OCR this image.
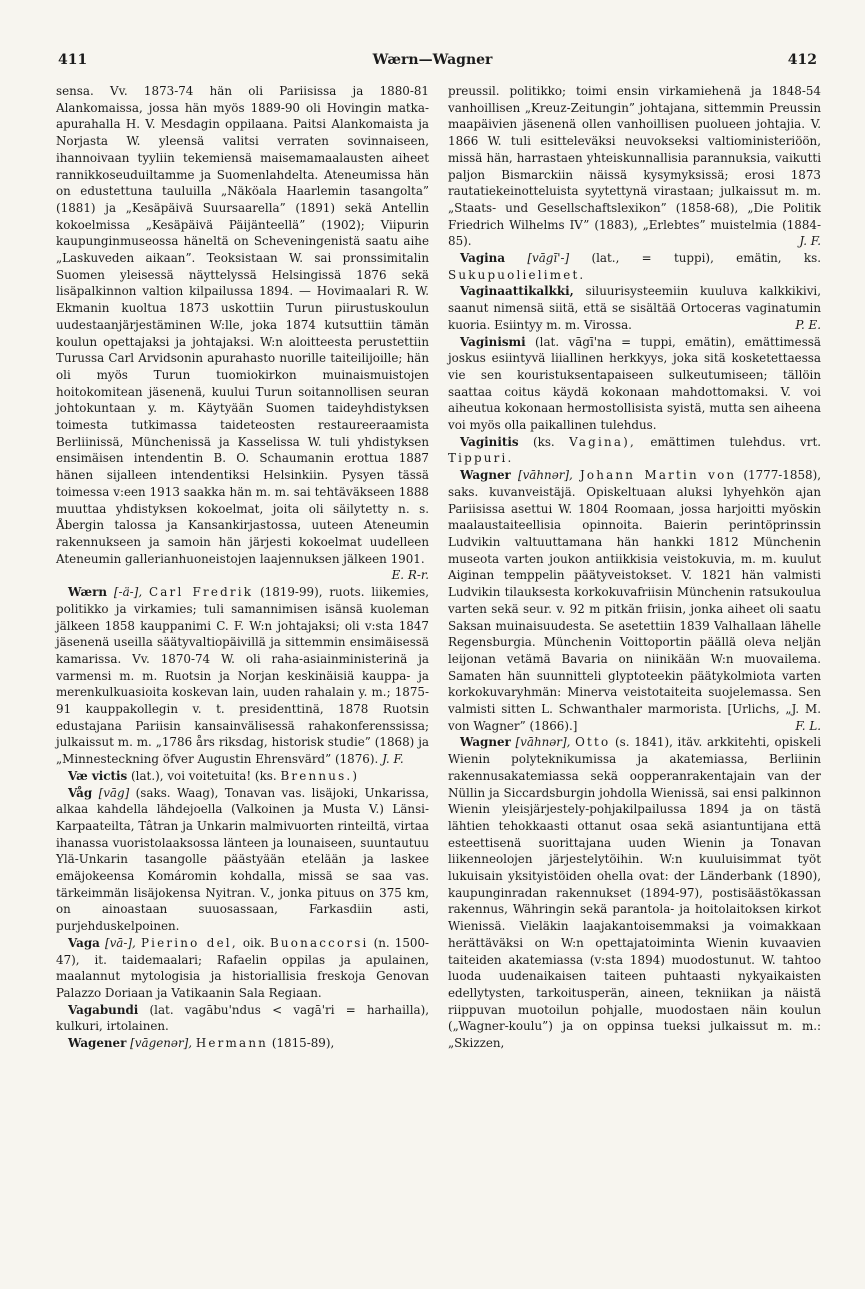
Wærn—Wagner
411	412

sensa. Vv. 1873-74 hän oli Pariisissa ja 1880-81 Alankomaissa, jossa hän myös 1889-90 oli Hovingin matka-apurahalla H. V. Mesdagin oppilaana. Paitsi Alankomaista ja Norjasta W. yleensä valitsi verraten sovinnaiseen, ihannoivaan tyyliin tekemiensä maisemamaalausten aiheet rannikkoseuduiltamme ja Suomenlahdelta. Ateneumissa hän on edustettuna tauluilla „Näköala Haarlemin tasangolta” (1881) ja „Kesäpäivä Suursaarella” (1891) sekä Antellin kokoelmissa „Kesäpäivä Päijänteellä” (1902); Viipurin kaupunginmuseossa häneltä on Scheveningenistä saatu aihe „Laskuveden aikaan”. Teoksistaan W. sai pronssimitalin Suomen yleisessä näyttelyssä Helsingissä 1876 sekä lisäpalkinnon valtion kilpailussa 1894. — Hovimaalari R. W. Ekmanin kuoltua 1873 uskottiin Turun piirustuskoulun uudestaanjärjestäminen W:lle, joka 1874 kutsuttiin tämän koulun opettajaksi ja johtajaksi. W:n aloitteesta perustettiin Turussa Carl Arvidsonin apurahasto nuorille taiteilijoille; hän oli myös Turun tuomiokirkon muinaismuistojen hoitokomitean jäsenenä, kuului Turun soitannollisen seuran johtokuntaan y. m. Käytyään Suomen taideyhdistyksen toimesta tutkimassa taideteosten restaureeraamista Berliinissä, Münchenissä ja Kasselissa W. tuli yhdistyksen ensimäisen intendentin B. O. Schaumanin erottua 1887 hänen sijalleen intendentiksi Helsinkiin. Pysyen tässä toimessa v:een 1913 saakka hän m. m. sai tehtäväkseen 1888 muuttaa yhdistyksen kokoelmat, joita oli säilytetty n. s. Åbergin talossa ja Kansankirjastossa, uuteen Ateneumin rakennukseen ja samoin hän järjesti kokoelmat uudelleen Ateneumin gallerianhuoneistojen laajennuksen jälkeen 1901.
E. R-r.

Wærn [-ä-], Carl Fredrik (1819-99), ruots. liikemies, politikko ja virkamies; tuli samannimisen isänsä kuoleman jälkeen 1858 kauppanimi C. F. W:n johtajaksi; oli v:sta 1847 jäsenenä useilla säätyvaltiopäivillä ja sittemmin ensimäisessä kamarissa. Vv. 1870-74 W. oli raha-asiainministerinä ja varmensi m. m. Ruotsin ja Norjan keskinäisiä kauppa- ja merenkulkuasioita koskevan lain, uuden rahalain y. m.; 1875-91 kauppakollegin v. t. presidenttinä, 1878 Ruotsin edustajana Pariisin kansainvälisessä rahakonferenssissa; julkaissut m. m. „1786 års riksdag, historisk studie” (1868) ja „Minnesteckning öfver Augustin Ehrensvärd” (1876). J. F.

Væ victis (lat.), voi voitetuita! (ks. Brennus.)

Våg [vāg] (saks. Waag), Tonavan vas. lisäjoki, Unkarissa, alkaa kahdella lähdejoella (Valkoinen ja Musta V.) Länsi-Karpaateilta, Tâtran ja Unkarin malmivuorten rinteiltä, virtaa ihanassa vuoristolaaksossa länteen ja lounaiseen, suuntautuu Ylä-Unkarin tasangolle päästyään etelään ja laskee emäjokeensa Komáromin kohdalla, missä se saa vas. tärkeimmän lisäjokensa Nyitran. V., jonka pituus on 375 km, on ainoastaan suuosassaan, Farkasdiin asti, purjehduskelpoinen.

Vaga [vā-], Pierino del, oik. Buonaccorsi (n. 1500-47), it. taidemaalari; Rafaelin oppilas ja apulainen, maalannut mytologisia ja historiallisia freskoja Genovan Palazzo Doriaan ja Vatikaanin Sala Regiaan.

Vagabundi (lat. vagābu'ndus < vagā'ri = harhailla), kulkuri, irtolainen.

Wagener [vāgenər], Hermann (1815-89),

preussil. politikko; toimi ensin virkamiehenä ja 1848-54 vanhoillisen „Kreuz-Zeitungin” johtajana, sittemmin Preussin maapäivien jäsenenä ollen vanhoillisen puolueen johtajia. V. 1866 W. tuli esitteleväksi neuvokseksi valtioministeriöön, missä hän, harrastaen yhteiskunnallisia parannuksia, vaikutti paljon Bismarckiin näissä kysymyksissä; erosi 1873 rautatiekeinotteluista syytettynä virastaan; julkaissut m. m. „Staats- und Gesellschaftslexikon” (1858-68), „Die Politik Friedrich Wilhelms IV” (1883), „Erlebtes” muistelmia (1884-85).	J. F.

Vagina [vāgī'-] (lat., = tuppi), emätin, ks. Sukupuolielimet.

Vaginaattikalkki, siluurisysteemiin kuuluva kalkkikivi, saanut nimensä siitä, että se sisältää Ortoceras vaginatumin kuoria. Esiintyy m. m. Virossa.	P. E.

Vaginismi (lat. vāgī'na = tuppi, emätin), emättimessä joskus esiintyvä liiallinen herkkyys, joka sitä kosketettaessa vie sen kouristuksentapaiseen sulkeutumiseen; tällöin saattaa coitus käydä kokonaan mahdottomaksi. V. voi aiheutua kokonaan hermostollisista syistä, mutta sen aiheena voi myös olla paikallinen tulehdus.

Vaginitis (ks. Vagina), emättimen tulehdus. vrt. Tippuri.

Wagner [vāhnər], Johann Martin von (1777-1858), saks. kuvanveistäjä. Opiskeltuaan aluksi lyhyehkön ajan Pariisissa asettui W. 1804 Roomaan, jossa harjoitti myöskin maalaustaiteellisia opinnoita. Baierin perintöprinssin Ludvikin valtuuttamana hän hankki 1812 Münchenin museota varten joukon antiikkisia veistokuvia, m. m. kuulut Aiginan temppelin päätyveistokset. V. 1821 hän valmisti Ludvikin tilauksesta korkokuvafriisin Münchenin ratsukoulua varten sekä seur. v. 92 m pitkän friisin, jonka aiheet oli saatu Saksan muinaisuudesta. Se asetettiin 1839 Valhallaan lähelle Regensburgia. Münchenin Voittoportin päällä oleva neljän leijonan vetämä Bavaria on niinikään W:n muovailema. Samaten hän suunnitteli glyptoteekin päätykolmiota varten korkokuvaryhmän: Minerva veistotaiteita suojelemassa. Sen valmisti sitten L. Schwanthaler marmorista. [Urlichs, „J. M. von Wagner” (1866).]	F. L.

Wagner [vāhnər], Otto (s. 1841), itäv. arkkitehti, opiskeli Wienin polyteknikumissa ja akatemiassa, Berliinin rakennusakatemiassa sekä oopperanrakentajain van der Nüllin ja Siccardsburgin johdolla Wienissä, sai ensi palkinnon Wienin yleisjärjestely-pohjakilpailussa 1894 ja on tästä lähtien tehokkaasti ottanut osaa sekä asiantuntijana että esteettisenä suorittajana uuden Wienin ja Tonavan liikenneolojen järjestelytöihin. W:n kuuluisimmat työt lukuisain yksityistöiden ohella ovat: der Länderbank (1890), kaupunginradan rakennukset (1894-97), postisäästökassan rakennus, Währingin sekä parantola- ja hoitolaitoksen kirkot Wienissä. Vieläkin laajakantoisemmaksi ja voimakkaan herättäväksi on W:n opettajatoiminta Wienin kuvaavien taiteiden akatemiassa (v:sta 1894) muodostunut. W. tahtoo luoda uudenaikaisen taiteen puhtaasti nykyaikaisten edellytysten, tarkoitusperän, aineen, tekniikan ja näistä riippuvan muotoilun pohjalle, muodostaen näin koulun („Wagner-koulu”) ja on oppinsa tueksi julkaissut m. m.: „Skizzen,
